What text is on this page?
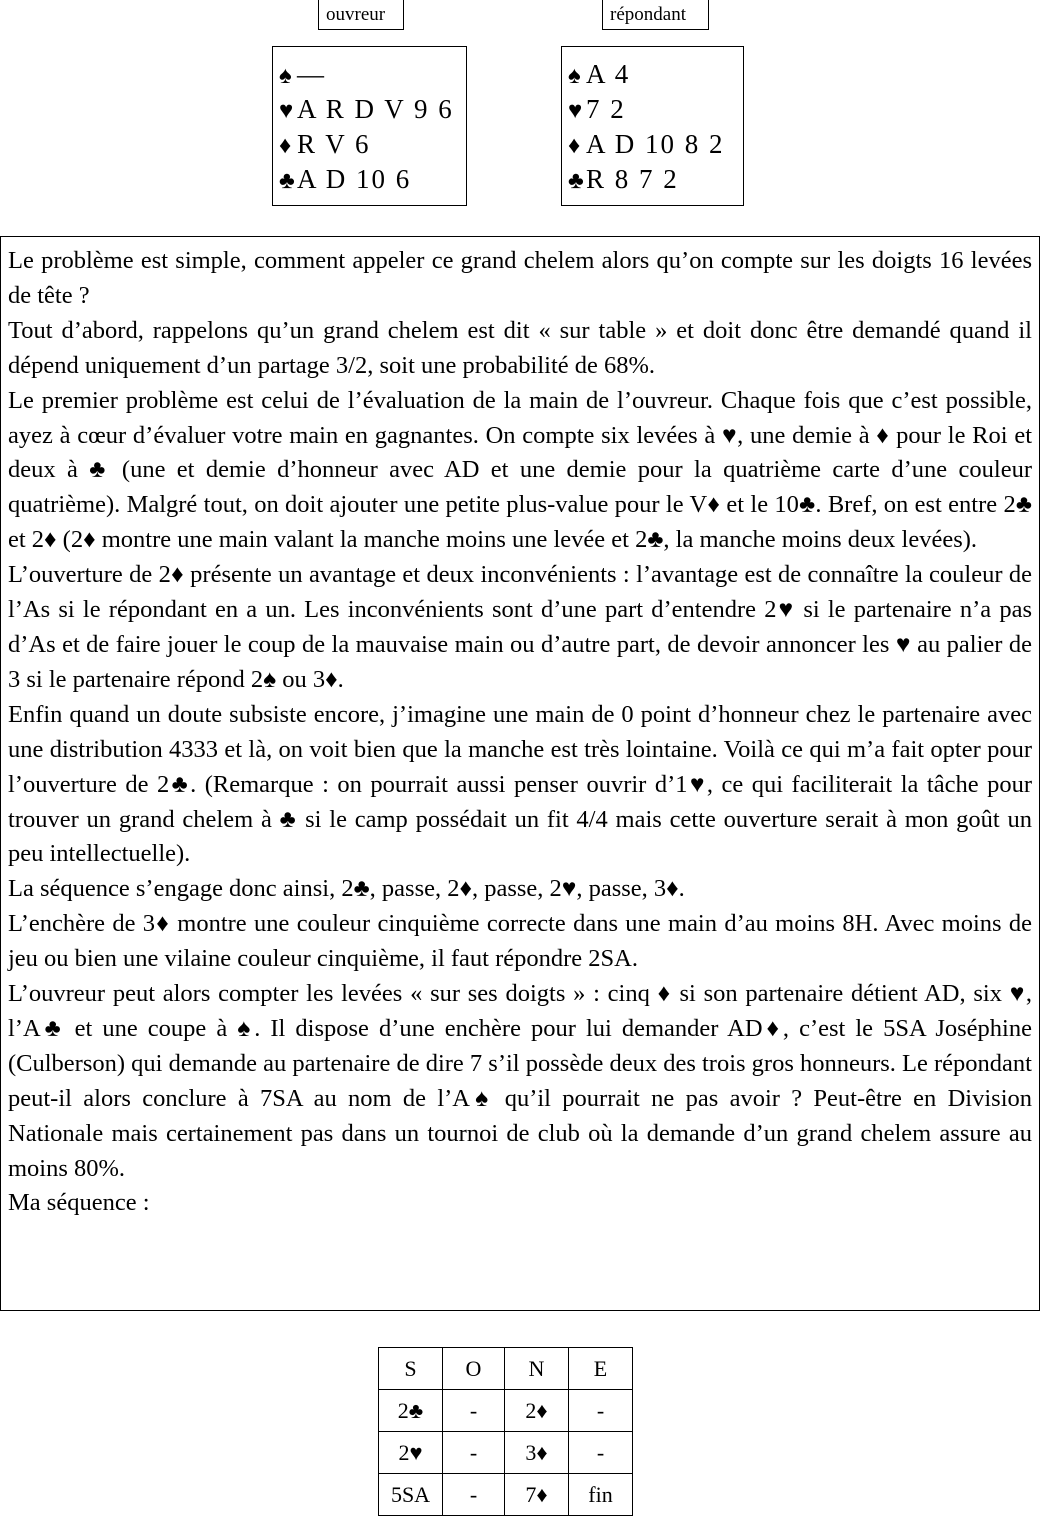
ouvreur	répondant
♠ —
♥ A R D V 9 6
♦ R V 6
♣A D 10 6
♠ A 4
♥ 7 2
♦ A D 10 8 2
♣R 8 7 2

Le problème est simple, comment appeler ce grand chelem alors qu’on compte sur les doigts 16 levées de tête ?

Tout d’abord, rappelons qu’un grand chelem est dit « sur table » et doit donc être demandé quand il dépend uniquement d’un partage 3/2, soit une probabilité de 68%.

Le premier problème est celui de l’évaluation de la main de l’ouvreur. Chaque fois que c’est possible, ayez à cœur d’évaluer votre main en gagnantes. On compte six levées à ♥, une demie à ♦ pour le Roi et deux à ♣ (une et demie d’honneur avec AD et une demie pour la quatrième carte d’une couleur quatrième). Malgré tout, on doit ajouter une petite plus-value pour le V♦ et le 10♣. Bref, on est entre 2♣ et 2♦ (2♦ montre une main valant la manche moins une levée et 2♣, la manche moins deux levées).

L’ouverture de 2♦ présente un avantage et deux inconvénients : l’avantage est de connaître la couleur de l’As si le répondant en a un. Les inconvénients sont d’une part d’entendre 2♥ si le partenaire n’a pas d’As et de faire jouer le coup de la mauvaise main ou d’autre part, de devoir annoncer les ♥ au palier de 3 si le partenaire répond 2♠ ou 3♦.

Enfin quand un doute subsiste encore, j’imagine une main de 0 point d’honneur chez le partenaire avec une distribution 4333 et là, on voit bien que la manche est très lointaine. Voilà ce qui m’a fait opter pour l’ouverture de 2♣. (Remarque : on pourrait aussi penser ouvrir d’1♥, ce qui faciliterait la tâche pour trouver un grand chelem à ♣ si le camp possédait un fit 4/4 mais cette ouverture serait à mon goût un peu intellectuelle).

La séquence s’engage donc ainsi, 2♣, passe, 2♦, passe, 2♥, passe, 3♦.

L’enchère de 3♦ montre une couleur cinquième correcte dans une main d’au moins 8H. Avec moins de jeu ou bien une vilaine couleur cinquième, il faut répondre 2SA.

L’ouvreur peut alors compter les levées « sur ses doigts » : cinq ♦ si son partenaire détient AD, six ♥, l’A♣ et une coupe à ♠. Il dispose d’une enchère pour lui demander AD♦, c’est le 5SA Joséphine (Culberson) qui demande au partenaire de dire 7 s’il possède deux des trois gros honneurs. Le répondant peut-il alors conclure à 7SA au nom de l’A♠ qu’il pourrait ne pas avoir ? Peut-être en Division Nationale mais certainement pas dans un tournoi de club où la demande d’un grand chelem assure au moins 80%.

Ma séquence :

S	O	N	E
2♣	-	2♦	-
2♥	-	3♦	-
5SA	-	7♦	fin
